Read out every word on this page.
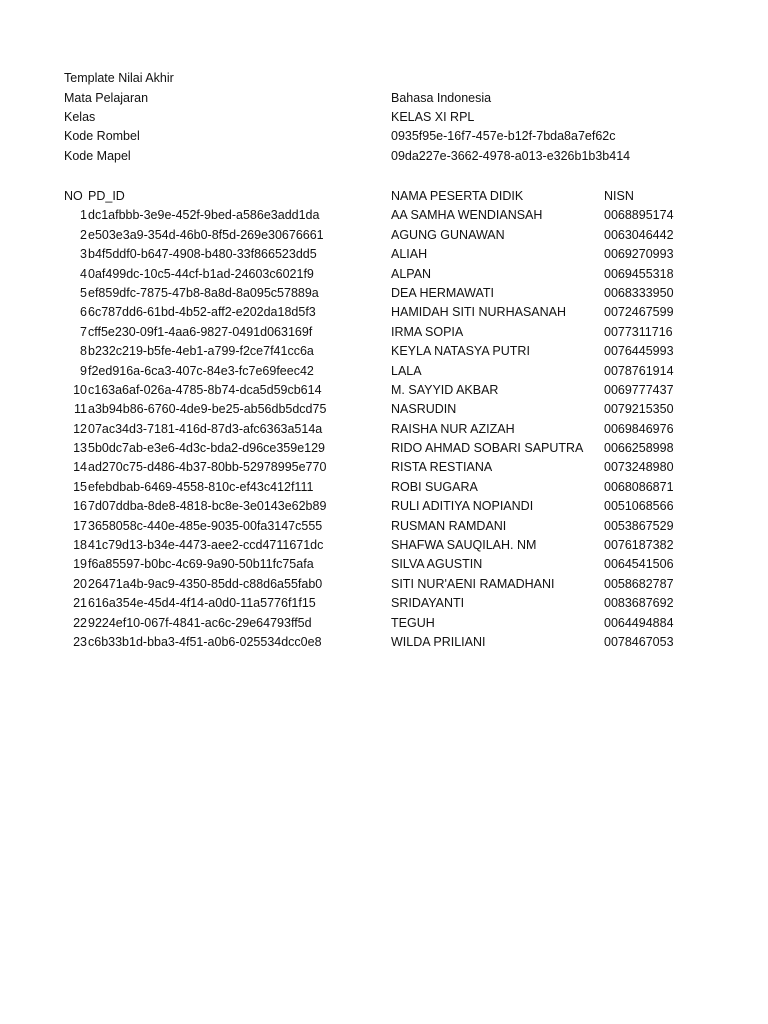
Template Nilai Akhir
Mata Pelajaran	Bahasa Indonesia
Kelas	KELAS XI RPL
Kode Rombel	0935f95e-16f7-457e-b12f-7bda8a7ef62c
Kode Mapel	09da227e-3662-4978-a013-e326b1b3b414
NO PD_ID	NAMA PESERTA DIDIK	NISN
1 dc1afbbb-3e9e-452f-9bed-a586e3add1da	AA SAMHA WENDIANSAH	0068895174
2 e503e3a9-354d-46b0-8f5d-269e30676661	AGUNG GUNAWAN	0063046442
3 b4f5ddf0-b647-4908-b480-33f866523dd5	ALIAH	0069270993
4 0af499dc-10c5-44cf-b1ad-24603c6021f9	ALPAN	0069455318
5 ef859dfc-7875-47b8-8a8d-8a095c57889a	DEA HERMAWATI	0068333950
6 6c787dd6-61bd-4b52-aff2-e202da18d5f3	HAMIDAH SITI NURHASANAH	0072467599
7 cff5e230-09f1-4aa6-9827-0491d063169f	IRMA SOPIA	0077311716
8 b232c219-b5fe-4eb1-a799-f2ce7f41cc6a	KEYLA NATASYA PUTRI	0076445993
9 f2ed916a-6ca3-407c-84e3-fc7e69feec42	LALA	0078761914
10 c163a6af-026a-4785-8b74-dca5d59cb614	M. SAYYID AKBAR	0069777437
11 a3b94b86-6760-4de9-be25-ab56db5dcd75	NASRUDIN	0079215350
12 07ac34d3-7181-416d-87d3-afc6363a514a	RAISHA NUR AZIZAH	0069846976
13 5b0dc7ab-e3e6-4d3c-bda2-d96ce359e129	RIDO AHMAD SOBARI SAPUTRA 0066258998
14 ad270c75-d486-4b37-80bb-52978995e770	RISTA RESTIANA	0073248980
15 efebdbab-6469-4558-810c-ef43c412f111	ROBI SUGARA	0068086871
16 7d07ddba-8de8-4818-bc8e-3e0143e62b89	RULI ADITIYA NOPIANDI	0051068566
17 3658058c-440e-485e-9035-00fa3147c555	RUSMAN RAMDANI	0053867529
18 41c79d13-b34e-4473-aee2-ccd4711671dc	SHAFWA SAUQILAH. NM	0076187382
19 f6a85597-b0bc-4c69-9a90-50b11fc75afa	SILVA AGUSTIN	0064541506
20 26471a4b-9ac9-4350-85dd-c88d6a55fab0	SITI NUR'AENI RAMADHANI	0058682787
21 616a354e-45d4-4f14-a0d0-11a5776f1f15	SRIDAYANTI	0083687692
22 9224ef10-067f-4841-ac6c-29e64793ff5d	TEGUH	0064494884
23 c6b33b1d-bba3-4f51-a0b6-025534dcc0e8	WILDA PRILIANI	0078467053
